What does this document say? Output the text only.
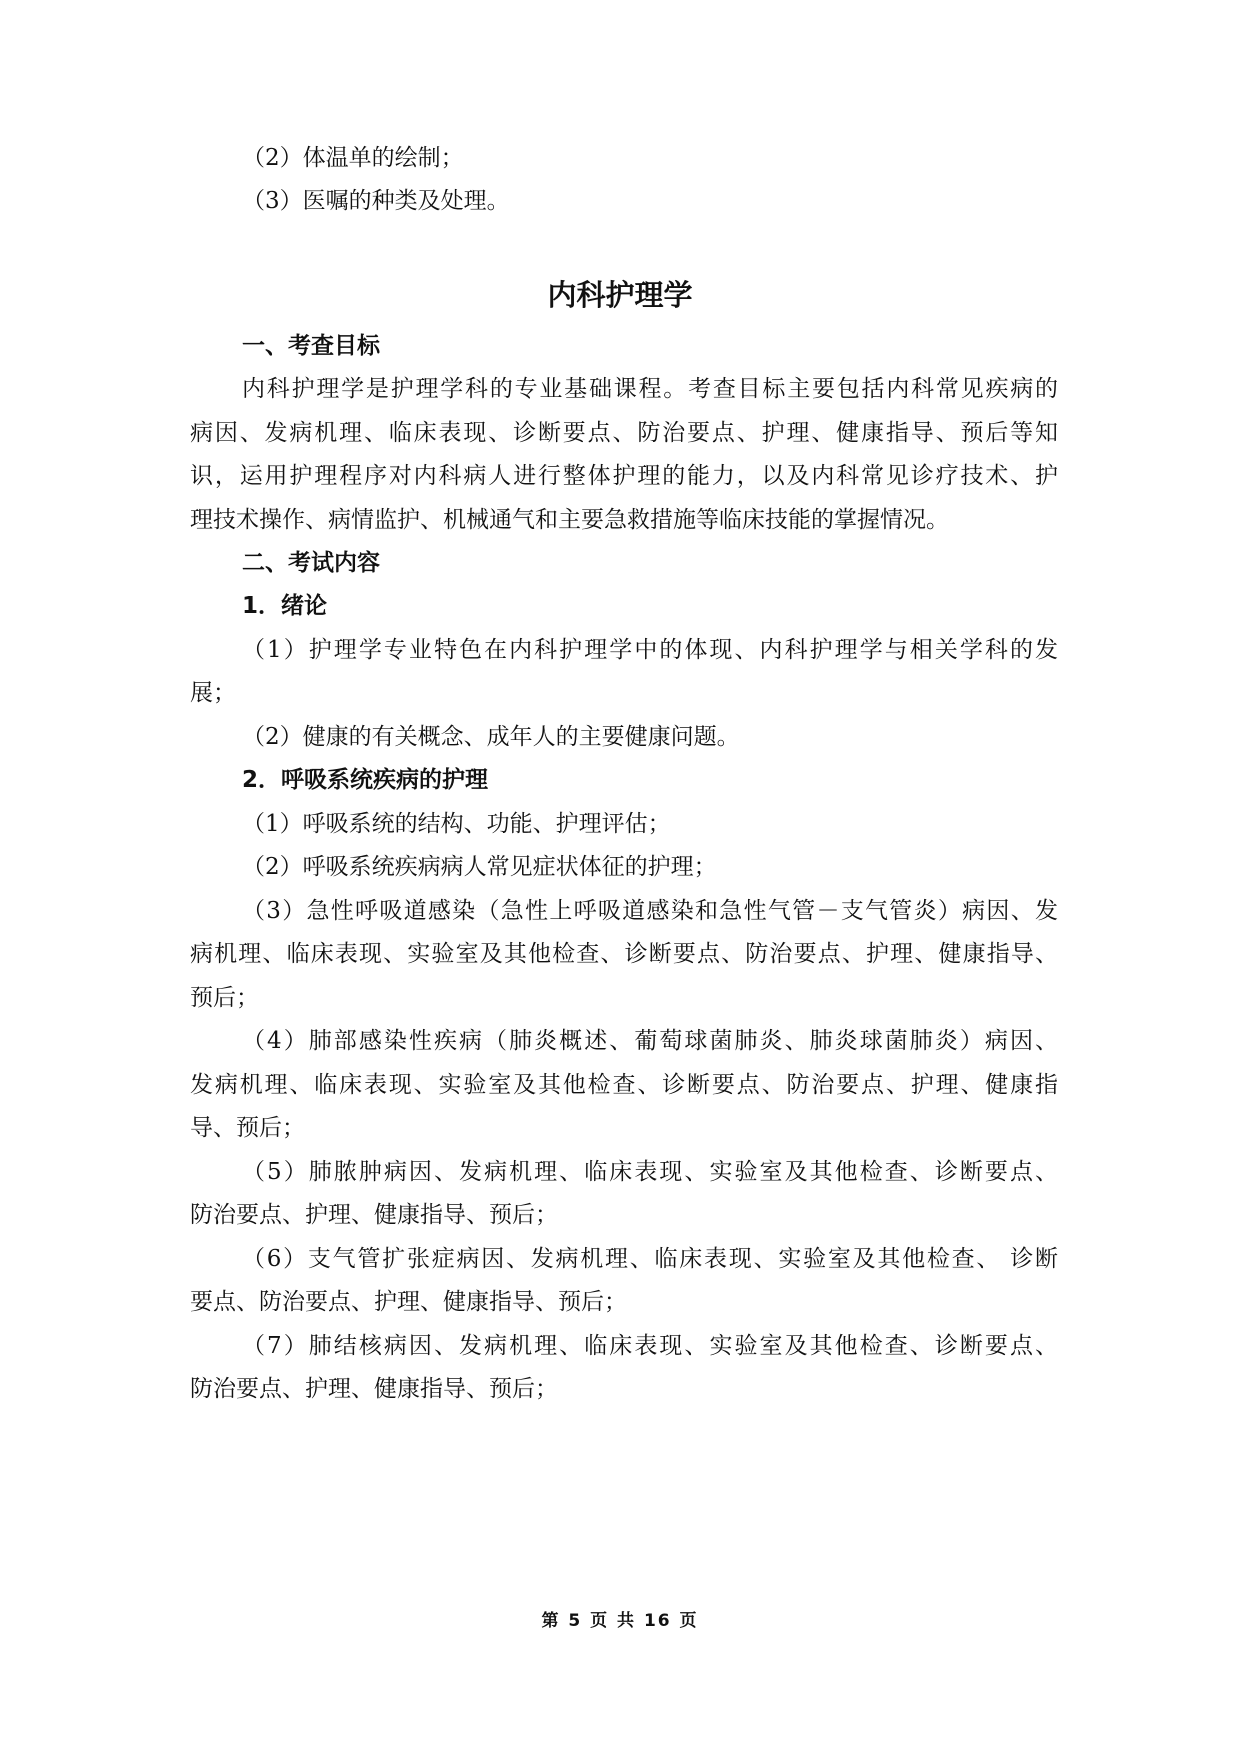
（2）体温单的绘制；
（3）医嘱的种类及处理。
内科护理学
一、考查目标
内科护理学是护理学科的专业基础课程。考查目标主要包括内科常见疾病的
病因、发病机理、临床表现、诊断要点、防治要点、护理、健康指导、预后等知
识，运用护理程序对内科病人进行整体护理的能力，以及内科常见诊疗技术、护
理技术操作、病情监护、机械通气和主要急救措施等临床技能的掌握情况。
二、考试内容
1．绪论
（1）护理学专业特色在内科护理学中的体现、内科护理学与相关学科的发
展；
（2）健康的有关概念、成年人的主要健康问题。
2．呼吸系统疾病的护理
（1）呼吸系统的结构、功能、护理评估；
（2）呼吸系统疾病病人常见症状体征的护理；
（3）急性呼吸道感染（急性上呼吸道感染和急性气管－支气管炎）病因、发
病机理、临床表现、实验室及其他检查、诊断要点、防治要点、护理、健康指导、
预后；
（4）肺部感染性疾病（肺炎概述、葡萄球菌肺炎、肺炎球菌肺炎）病因、
发病机理、临床表现、实验室及其他检查、诊断要点、防治要点、护理、健康指
导、预后；
（5）肺脓肿病因、发病机理、临床表现、实验室及其他检查、诊断要点、
防治要点、护理、健康指导、预后；
（6）支气管扩张症病因、发病机理、临床表现、实验室及其他检查、 诊断
要点、防治要点、护理、健康指导、预后；
（7）肺结核病因、发病机理、临床表现、实验室及其他检查、诊断要点、
防治要点、护理、健康指导、预后；
第 5 页 共 16 页
